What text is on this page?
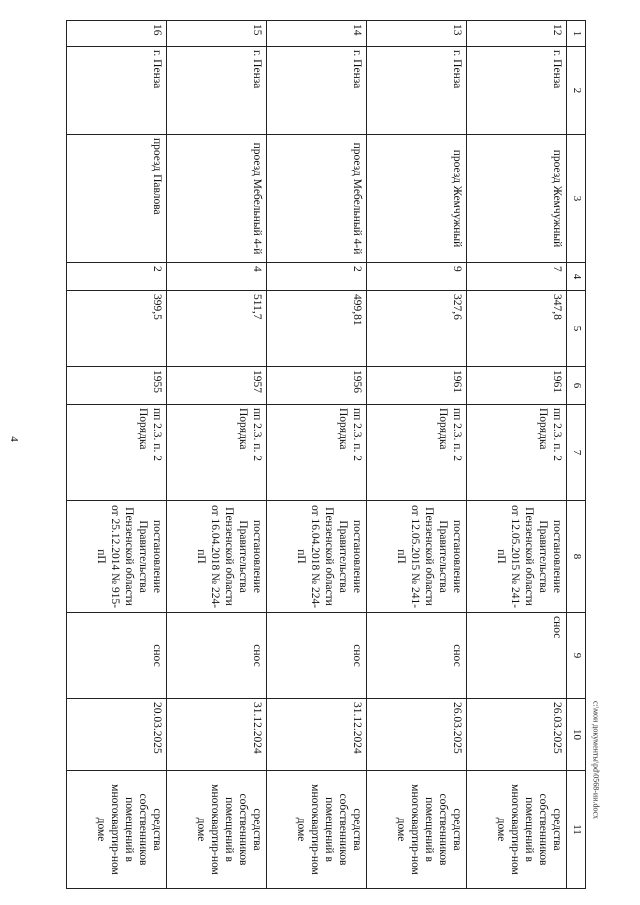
4
c:\мои документы\pd\0568-ии.docx
1	2	3	4	5	6	7	8	9	10	11
12	г. Пенза	проезд Жемчужный	7	347,8	1961	пп 2.3. п. 2 Порядка	постановление Правительства Пензенской области от 12.05.2015 № 241-пП	снос	26.03.2025	средства собственников помещений в многоквартир-ном доме
13	г. Пенза	проезд Жемчужный	9	327,6	1961	пп 2.3. п. 2 Порядка	постановление Правительства Пензенской области от 12.05.2015 № 241-пП	снос	26.03.2025	средства собственников помещений в многоквартир-ном доме
14	г. Пенза	проезд Мебельный 4-й	2	499,81	1956	пп 2.3. п. 2 Порядка	постановление Правительства Пензенской области от 16.04.2018 № 224-пП	снос	31.12.2024	средства собственников помещений в многоквартир-ном доме
15	г. Пенза	проезд Мебельный 4-й	4	511,7	1957	пп 2.3. п. 2 Порядка	постановление Правительства Пензенской области от 16.04.2018 № 224-пП	снос	31.12.2024	средства собственников помещений в многоквартир-ном доме
16	г. Пенза	проезд Павлова	2	399,5	1955	пп 2.3. п. 2 Порядка	постановление Правительства Пензенской области от 25.12.2014 № 915-пП	снос	20.03.2025	средства собственников помещений в многоквартир-ном доме
